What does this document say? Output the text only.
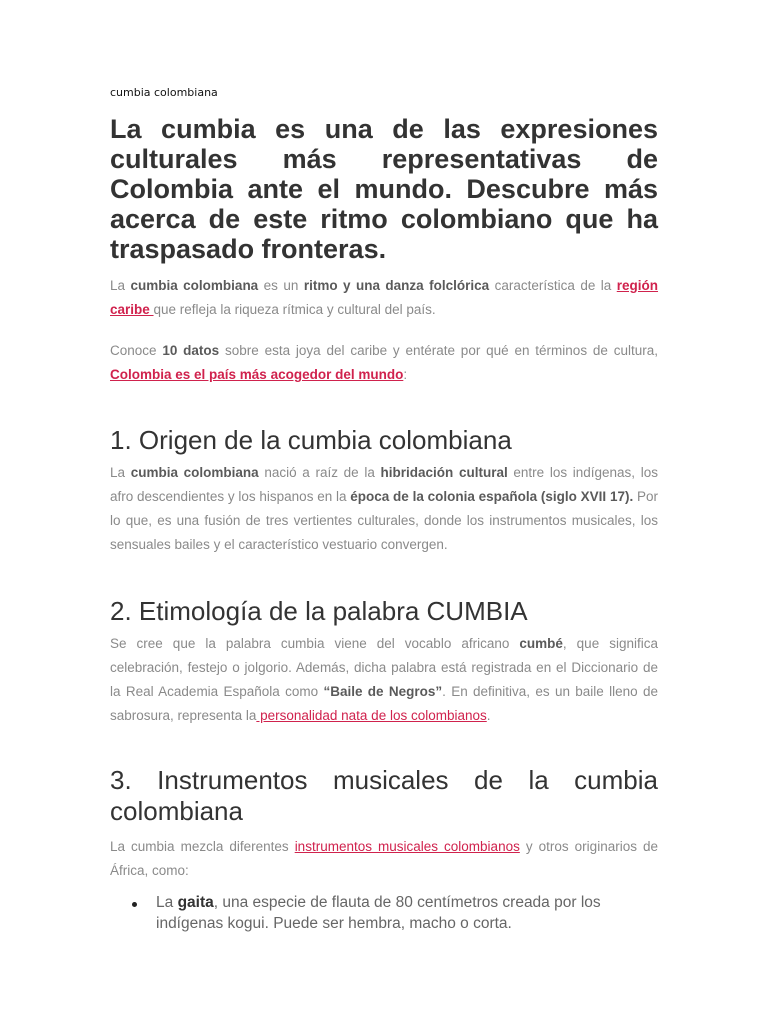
cumbia colombiana
La cumbia es una de las expresiones culturales más representativas de Colombia ante el mundo. Descubre más acerca de este ritmo colombiano que ha traspasado fronteras.

La cumbia colombiana es un ritmo y una danza folclórica característica de la región caribe que refleja la riqueza rítmica y cultural del país.

Conoce 10 datos sobre esta joya del caribe y entérate por qué en términos de cultura, Colombia es el país más acogedor del mundo:

1. Origen de la cumbia colombiana

La cumbia colombiana nació a raíz de la hibridación cultural entre los indígenas, los afro descendientes y los hispanos en la época de la colonia española (siglo XVII 17). Por lo que, es una fusión de tres vertientes culturales, donde los instrumentos musicales, los sensuales bailes y el característico vestuario convergen.

2. Etimología de la palabra CUMBIA

Se cree que la palabra cumbia viene del vocablo africano cumbé, que significa celebración, festejo o jolgorio. Además, dicha palabra está registrada en el Diccionario de la Real Academia Española como “Baile de Negros”. En definitiva, es un baile lleno de sabrosura, representa la personalidad nata de los colombianos.

3. Instrumentos musicales de la cumbia colombiana

La cumbia mezcla diferentes instrumentos musicales colombianos y otros originarios de África, como:

La gaita, una especie de flauta de 80 centímetros creada por los indígenas kogui. Puede ser hembra, macho o corta.
